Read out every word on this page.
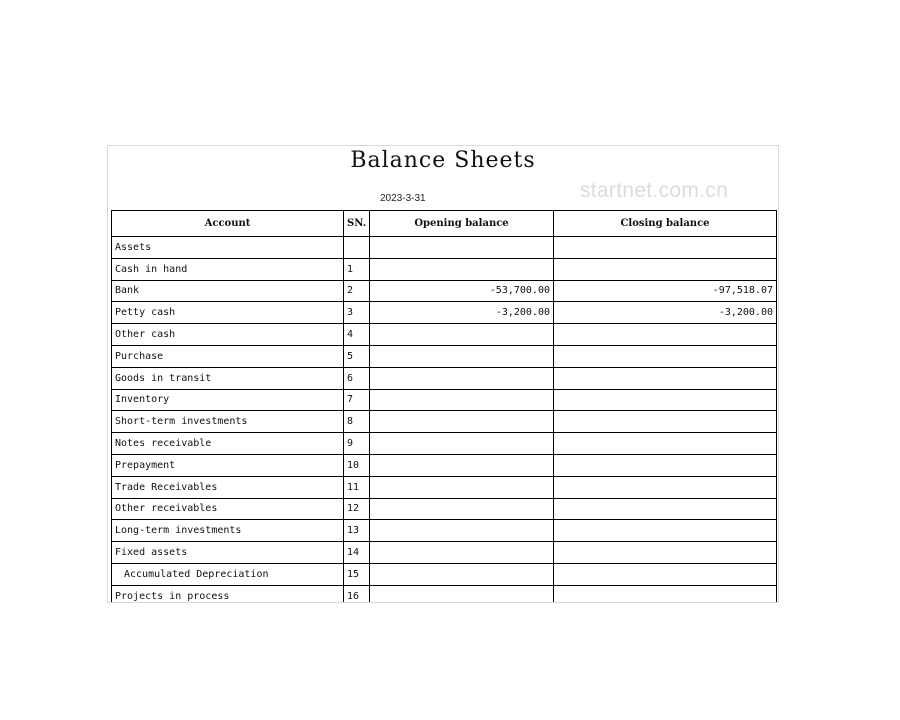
Balance Sheets
2023-3-31	startnet.com.cn
Account	SN.	Opening balance	Closing balance
Assets			
Cash in hand	1		
Bank	2	-53,700.00	-97,518.07
Petty cash	3	-3,200.00	-3,200.00
Other cash	4		
Purchase	5		
Goods in transit	6		
Inventory	7		
Short-term investments	8		
Notes receivable	9		
Prepayment	10		
Trade Receivables	11		
Other receivables	12		
Long-term investments	13		
Fixed assets	14		
Accumulated Depreciation	15		
Projects in process	16		
